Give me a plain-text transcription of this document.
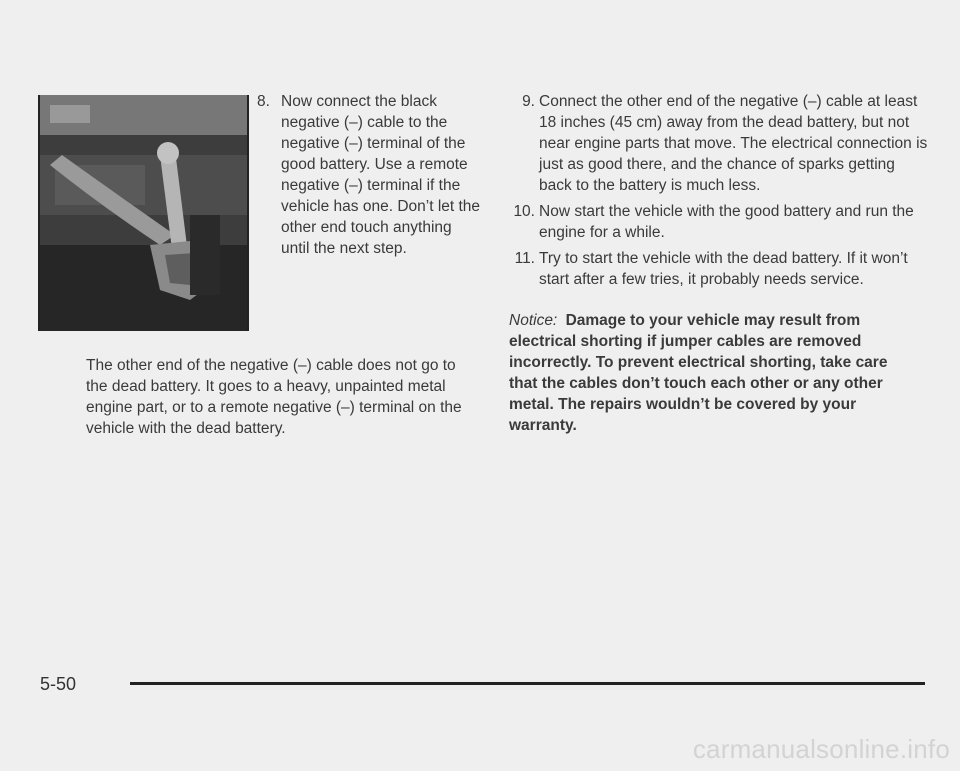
8. Now connect the black negative (–) cable to the negative (–) terminal of the good battery. Use a remote negative (–) terminal if the vehicle has one. Don’t let the other end touch anything until the next step.

The other end of the negative (–) cable does not go to the dead battery. It goes to a heavy, unpainted metal engine part, or to a remote negative (–) terminal on the vehicle with the dead battery.

9. Connect the other end of the negative (–) cable at least 18 inches (45 cm) away from the dead battery, but not near engine parts that move. The electrical connection is just as good there, and the chance of sparks getting back to the battery is much less.
10. Now start the vehicle with the good battery and run the engine for a while.
11. Try to start the vehicle with the dead battery. If it won’t start after a few tries, it probably needs service.

Notice: Damage to your vehicle may result from electrical shorting if jumper cables are removed incorrectly. To prevent electrical shorting, take care that the cables don’t touch each other or any other metal. The repairs wouldn’t be covered by your warranty.

5-50
carmanualsonline.info
